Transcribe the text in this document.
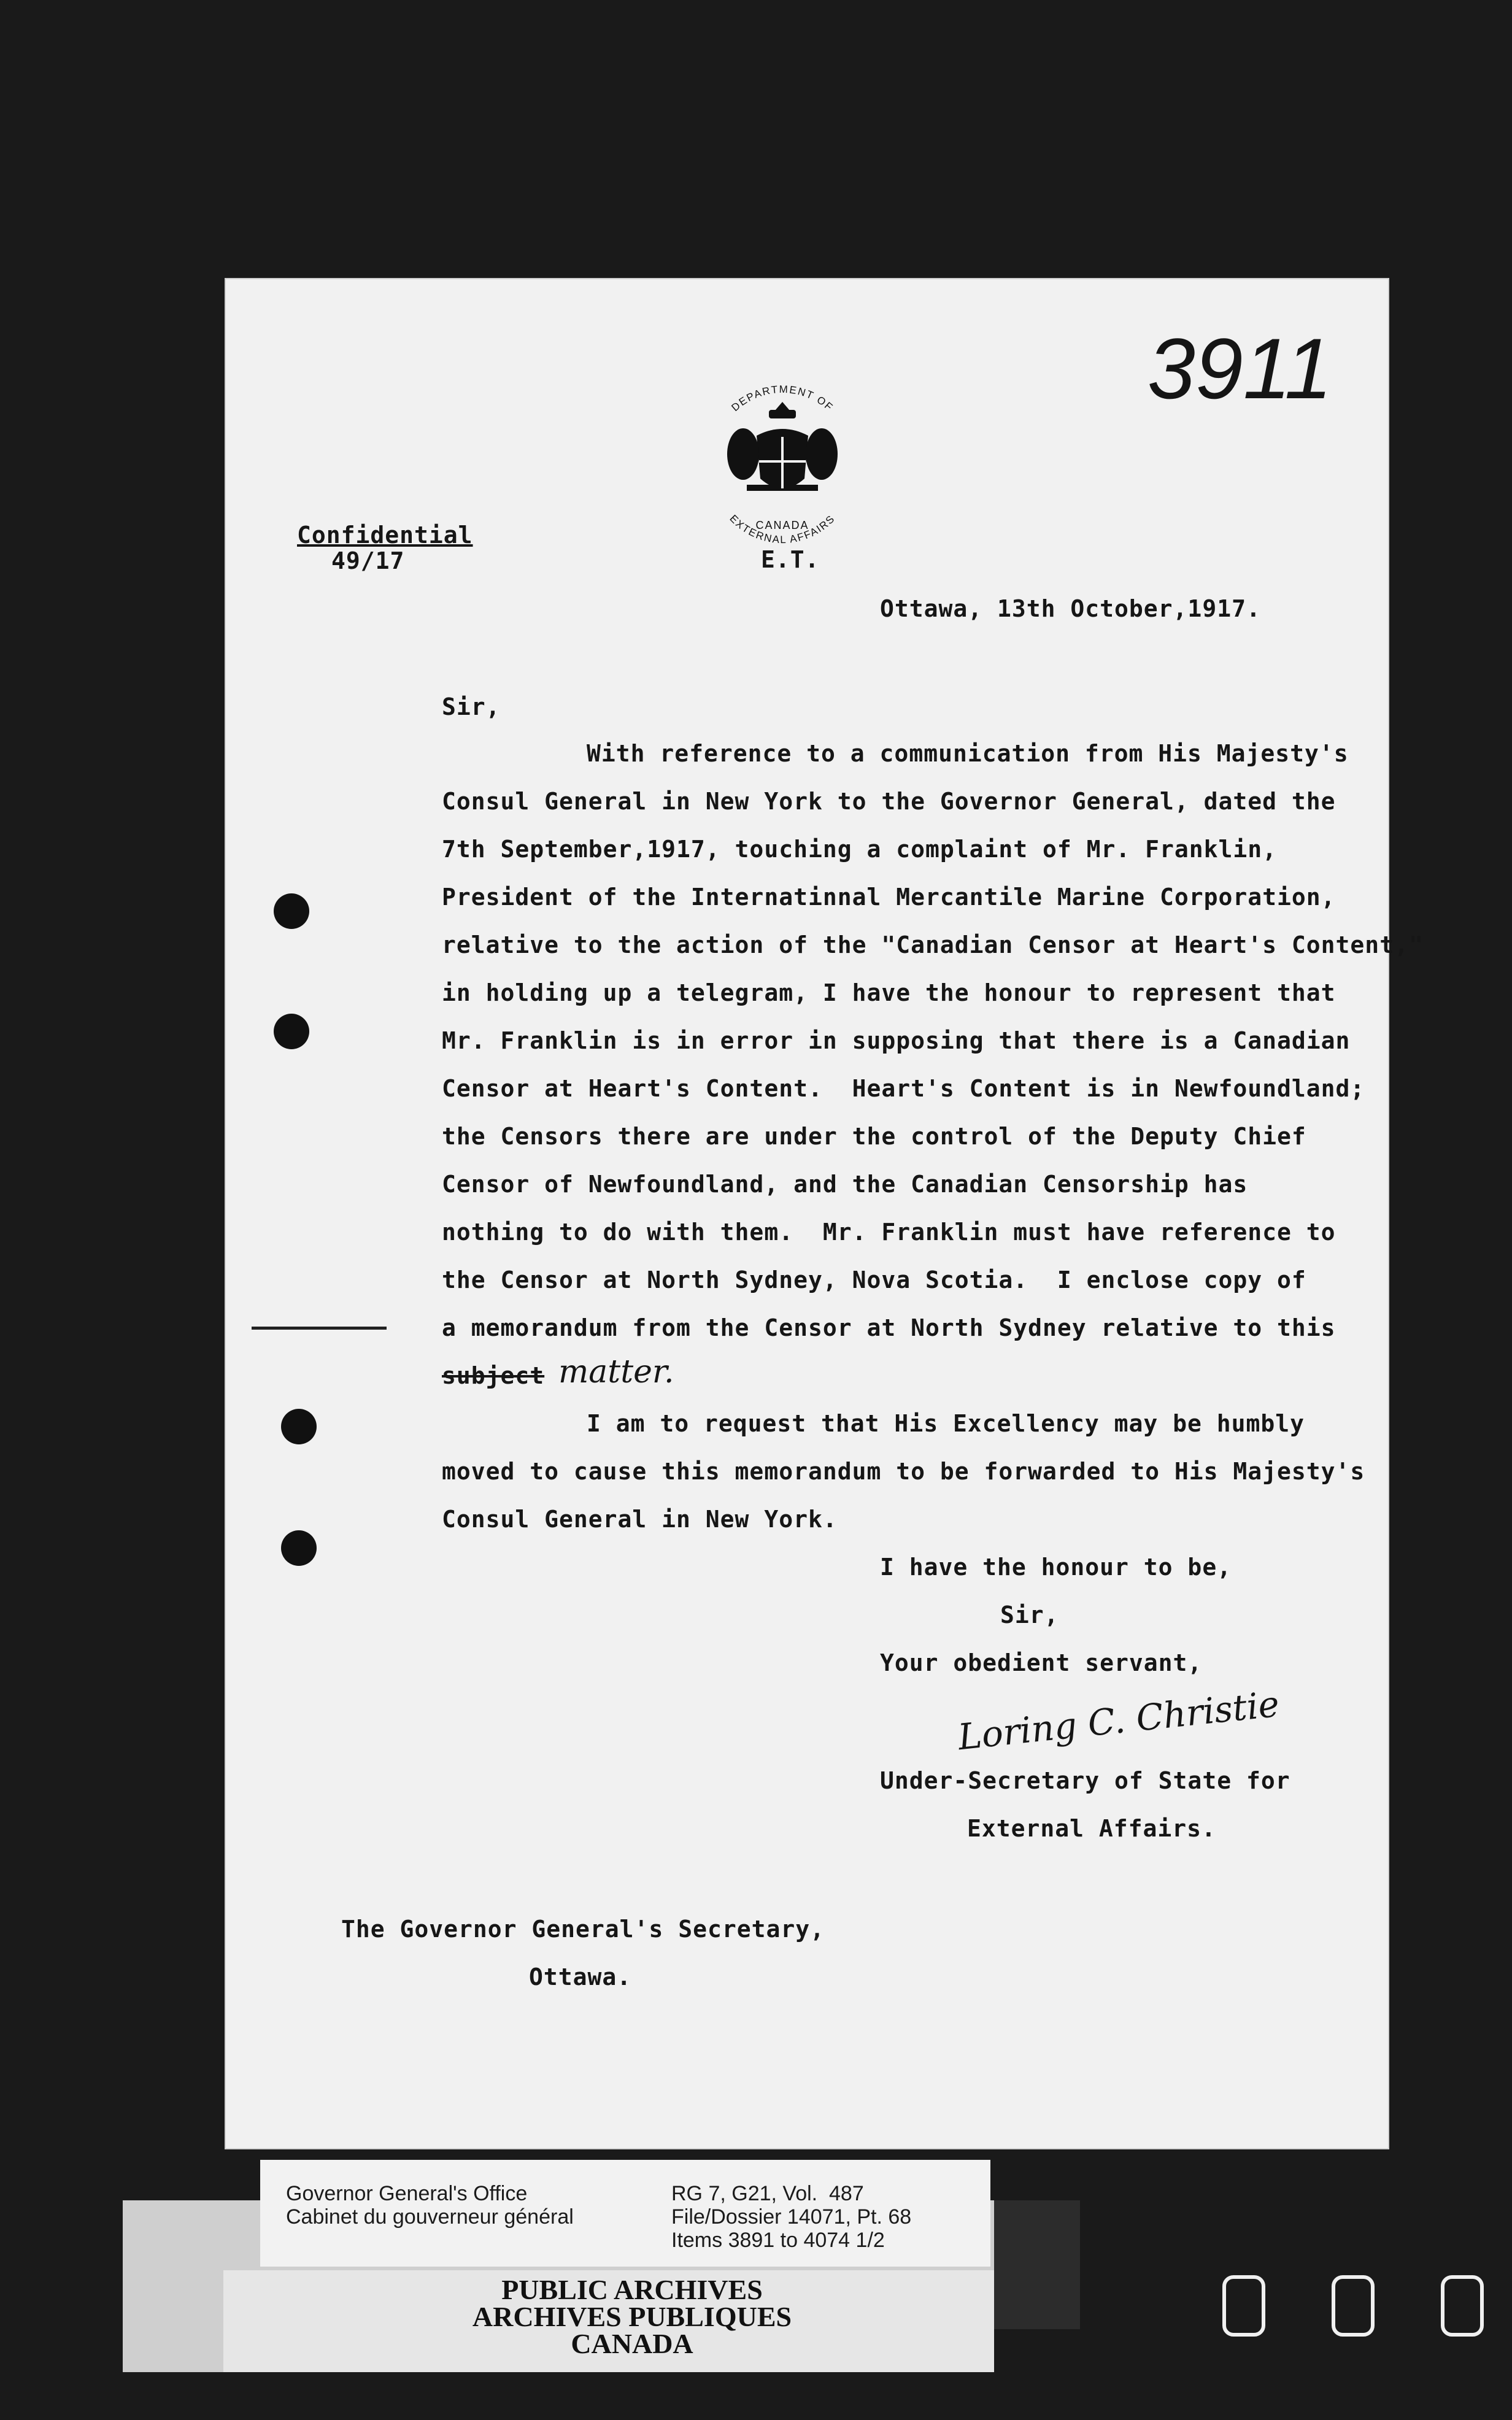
3911
DEPARTMENT OF
EXTERNAL AFFAIRS
CANADA
E.T.
Confidential
49/17
Ottawa, 13th October,1917.
Sir,
With reference to a communication from His Majesty's
Consul General in New York to the Governor General, dated the
7th September,1917, touching a complaint of Mr. Franklin,
President of the Internatinnal Mercantile Marine Corporation,
relative to the action of the "Canadian Censor at Heart's Content,"
in holding up a telegram, I have the honour to represent that
Mr. Franklin is in error in supposing that there is a Canadian
Censor at Heart's Content.  Heart's Content is in Newfoundland;
the Censors there are under the control of the Deputy Chief
Censor of Newfoundland, and the Canadian Censorship has
nothing to do with them.  Mr. Franklin must have reference to
the Censor at North Sydney, Nova Scotia.  I enclose copy of
a memorandum from the Censor at North Sydney relative to this
subject matter.
I am to request that His Excellency may be humbly
moved to cause this memorandum to be forwarded to His Majesty's
Consul General in New York.
I have the honour to be,
Sir,
Your obedient servant,
Loring C. Christie
Under-Secretary of State for
External Affairs.
The Governor General's Secretary,
Ottawa.
Governor General's Office
Cabinet du gouverneur général
RG 7, G21, Vol.  487
File/Dossier 14071, Pt. 68
Items 3891 to 4074 1/2
PUBLIC ARCHIVES
ARCHIVES PUBLIQUES
CANADA
